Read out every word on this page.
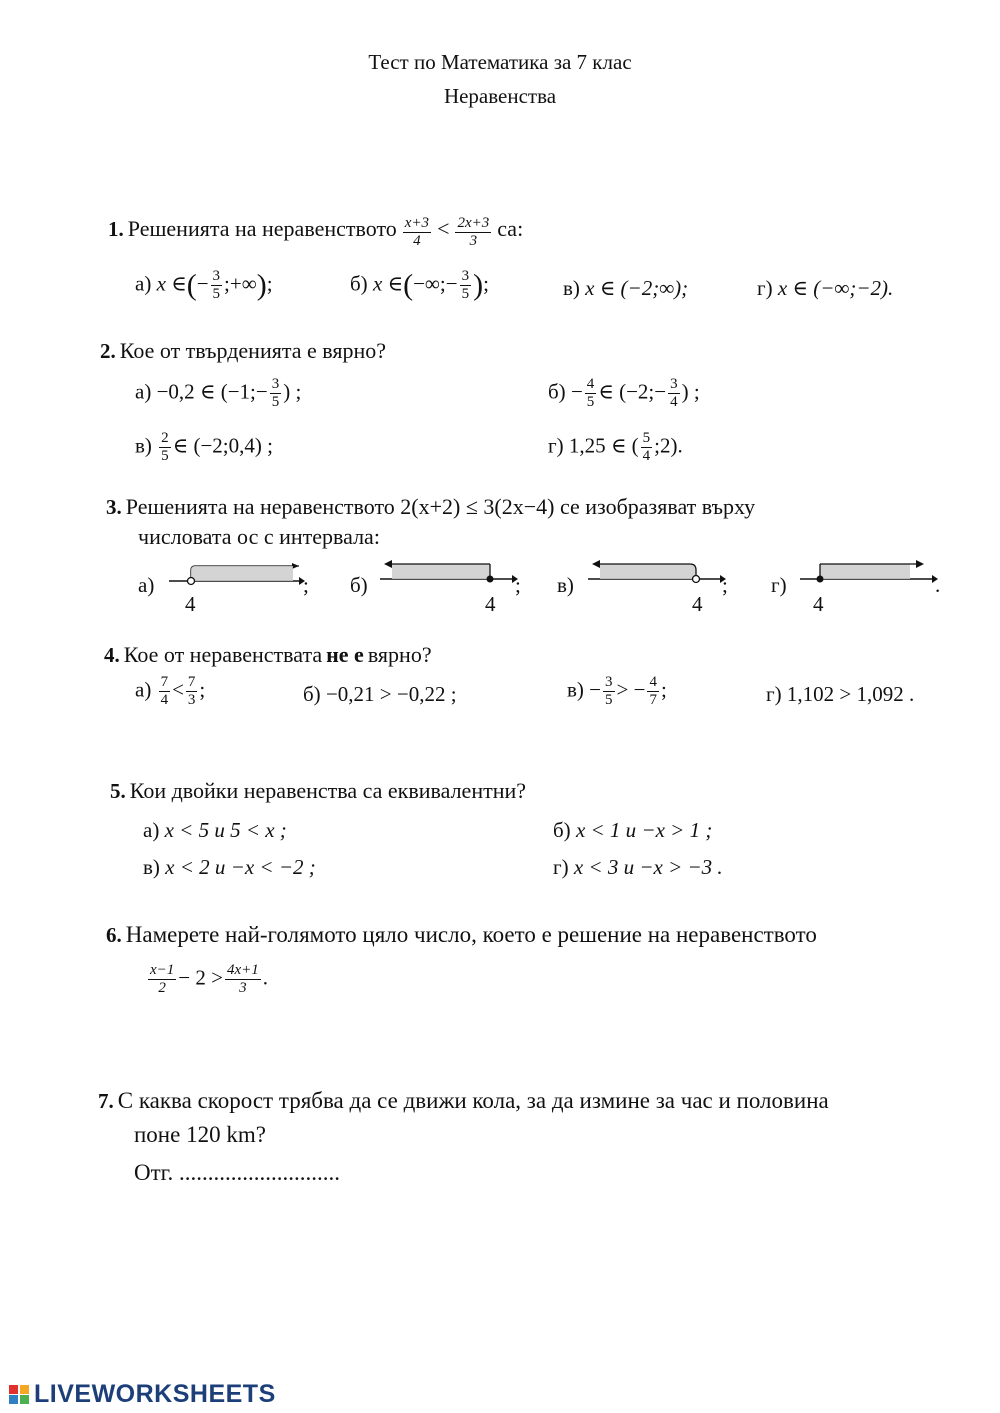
Тест по Математика за 7 клас
Неравенства
1. Решенията на неравенството $\frac{x+3}{4} < \frac{2x+3}{3}$ са:
а) x ∈(− $\frac{3}{5}$ ;+∞);	б) x ∈(−∞;− $\frac{3}{5}$ );	в) x ∈ (−2;∞);	г) x ∈ (−∞;−2).
2. Кое от твърденията е вярно?
а) −0,2 ∈ (−1;− $\frac{3}{5}$ ) ;	$б) - \frac{4}{5}$ ∈ (−2;− $\frac{3}{4}$ ) ;
$в) \frac{2}{5}$ ∈ (−2;0,4) ;	г) 1,25 ∈ ( $\frac{5}{4}$ ;2).
3. Решенията на неравенството 2(x+2) ≤ 3(2x−4) се изобразяват върху
числовата ос с интервала:
а)
4
; б)
4
; в)
4
; г)
4
.
4. Кое от неравенствата не е вярно?
$а) \frac{7}{4} < \frac{7}{3}$ ;	б) −0,21 > −0,22 ;	$в) - \frac{3}{5}$ > − $\frac{4}{7}$ ;	г) 1,102 > 1,092 .
5. Кои двойки неравенства са еквивалентни?
а) x < 5 и 5 < x ;	б) x < 1 и −x > 1 ;
в) x < 2 и −x < −2 ;	г) x < 3 и −x > −3 .
6. Намерете най-голямото цяло число, което е решение на неравенството
$\frac{x-1}{2} - 2 > \frac{4x+1}{3}$ .
7. С каква скорост трябва да се движи кола, за да измине за час и половина
поне 120 km?
Отг. ............................
LIVEWORKSHEETS
